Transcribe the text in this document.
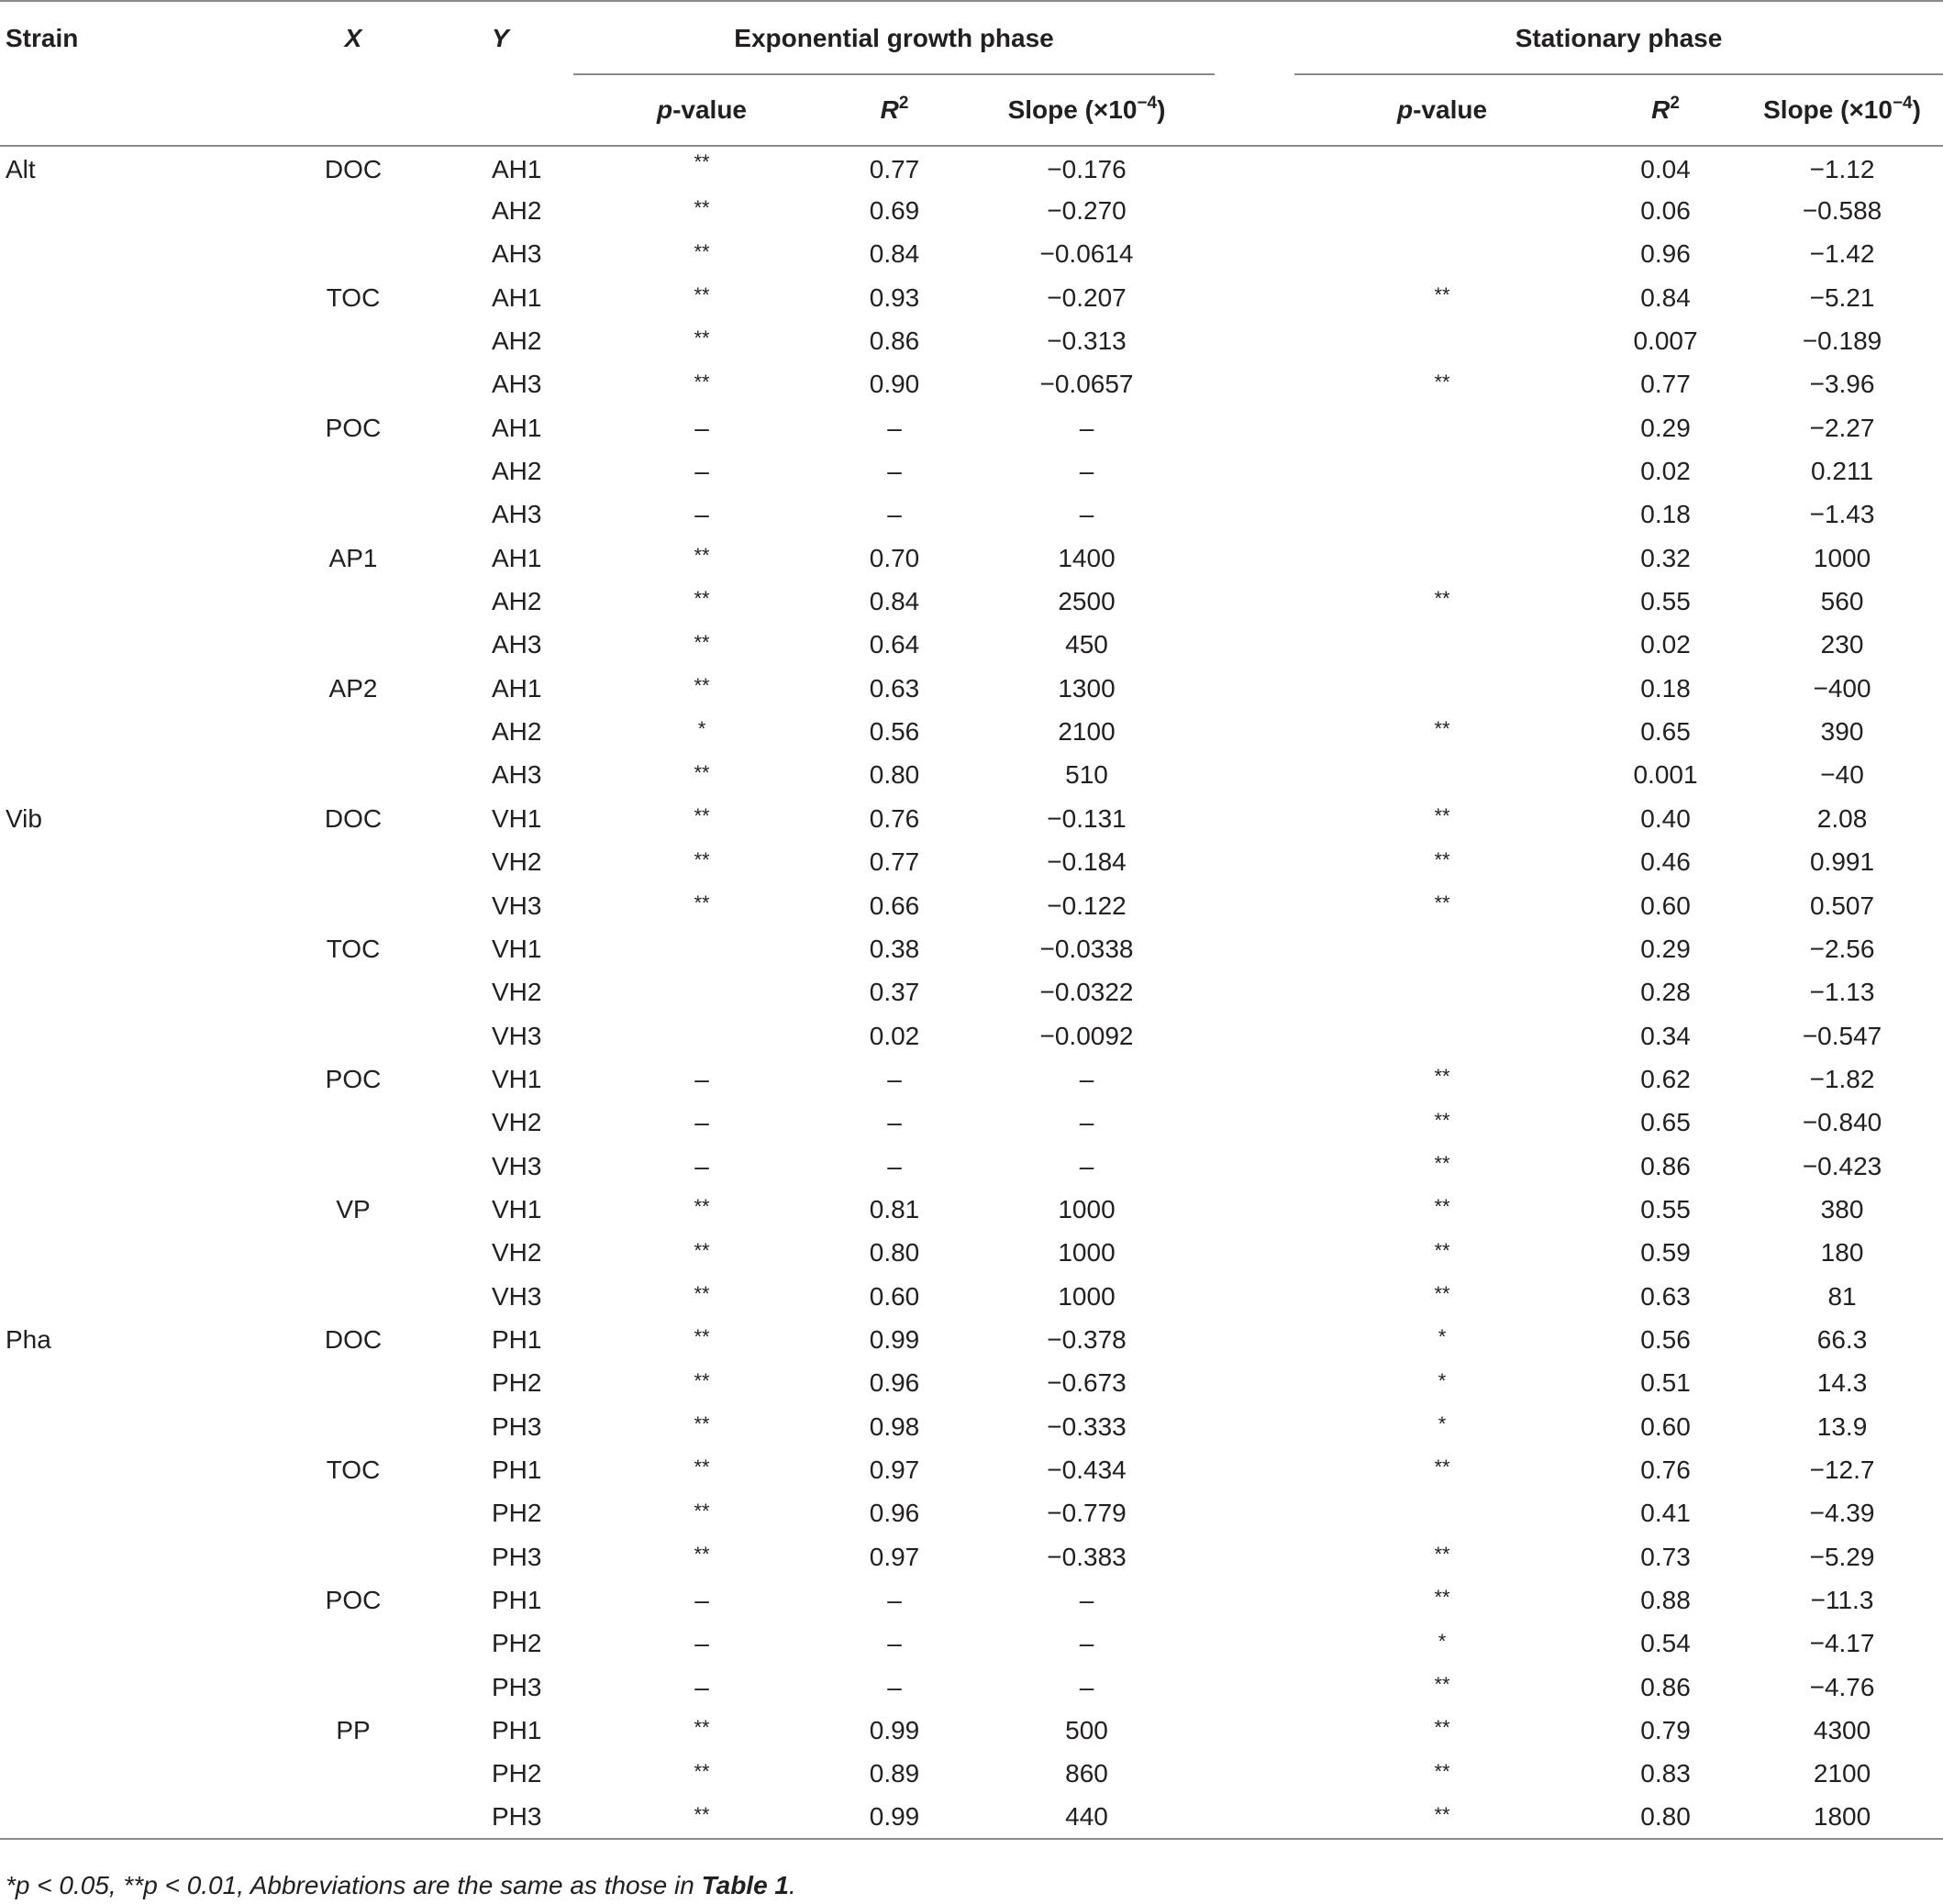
Strain	X	Y	Exponential growth phase				Stationary phase		

			p-value	$R^2$	Slope $(\times 10^{-4})$		p-value	$R^2$	Slope $(\times 10^{-4})$
Alt	DOC	AH1	**	0.77	−0.176			0.04	−1.12
		AH2	**	0.69	−0.270			0.06	−0.588
		AH3	**	0.84	−0.0614			0.96	−1.42
	TOC	AH1	**	0.93	−0.207		**	0.84	−5.21
		AH2	**	0.86	−0.313			0.007	−0.189
		AH3	**	0.90	−0.0657		**	0.77	−3.96
	POC	AH1	–	–	–			0.29	−2.27
		AH2	–	–	–			0.02	0.211
		AH3	–	–	–			0.18	−1.43
	AP1	AH1	**	0.70	1400			0.32	1000
		AH2	**	0.84	2500		**	0.55	560
		AH3	**	0.64	450			0.02	230
	AP2	AH1	**	0.63	1300			0.18	−400
		AH2	*	0.56	2100		**	0.65	390
		AH3	**	0.80	510			0.001	−40
Vib	DOC	VH1	**	0.76	−0.131		**	0.40	2.08
		VH2	**	0.77	−0.184		**	0.46	0.991
		VH3	**	0.66	−0.122		**	0.60	0.507
	TOC	VH1		0.38	−0.0338			0.29	−2.56
		VH2		0.37	−0.0322			0.28	−1.13
		VH3		0.02	−0.0092			0.34	−0.547
	POC	VH1	–	–	–		**	0.62	−1.82
		VH2	–	–	–		**	0.65	−0.840
		VH3	–	–	–		**	0.86	−0.423
	VP	VH1	**	0.81	1000		**	0.55	380
		VH2	**	0.80	1000		**	0.59	180
		VH3	**	0.60	1000		**	0.63	81
Pha	DOC	PH1	**	0.99	−0.378		*	0.56	66.3
		PH2	**	0.96	−0.673		*	0.51	14.3
		PH3	**	0.98	−0.333		*	0.60	13.9
	TOC	PH1	**	0.97	−0.434		**	0.76	−12.7
		PH2	**	0.96	−0.779			0.41	−4.39
		PH3	**	0.97	−0.383		**	0.73	−5.29
	POC	PH1	–	–	–		**	0.88	−11.3
		PH2	–	–	–		*	0.54	−4.17
		PH3	–	–	–		**	0.86	−4.76
	PP	PH1	**	0.99	500		**	0.79	4300
		PH2	**	0.89	860		**	0.83	2100
		PH3	**	0.99	440		**	0.80	1800
*p < 0.05, **p < 0.01, Abbreviations are the same as those in Table 1.
